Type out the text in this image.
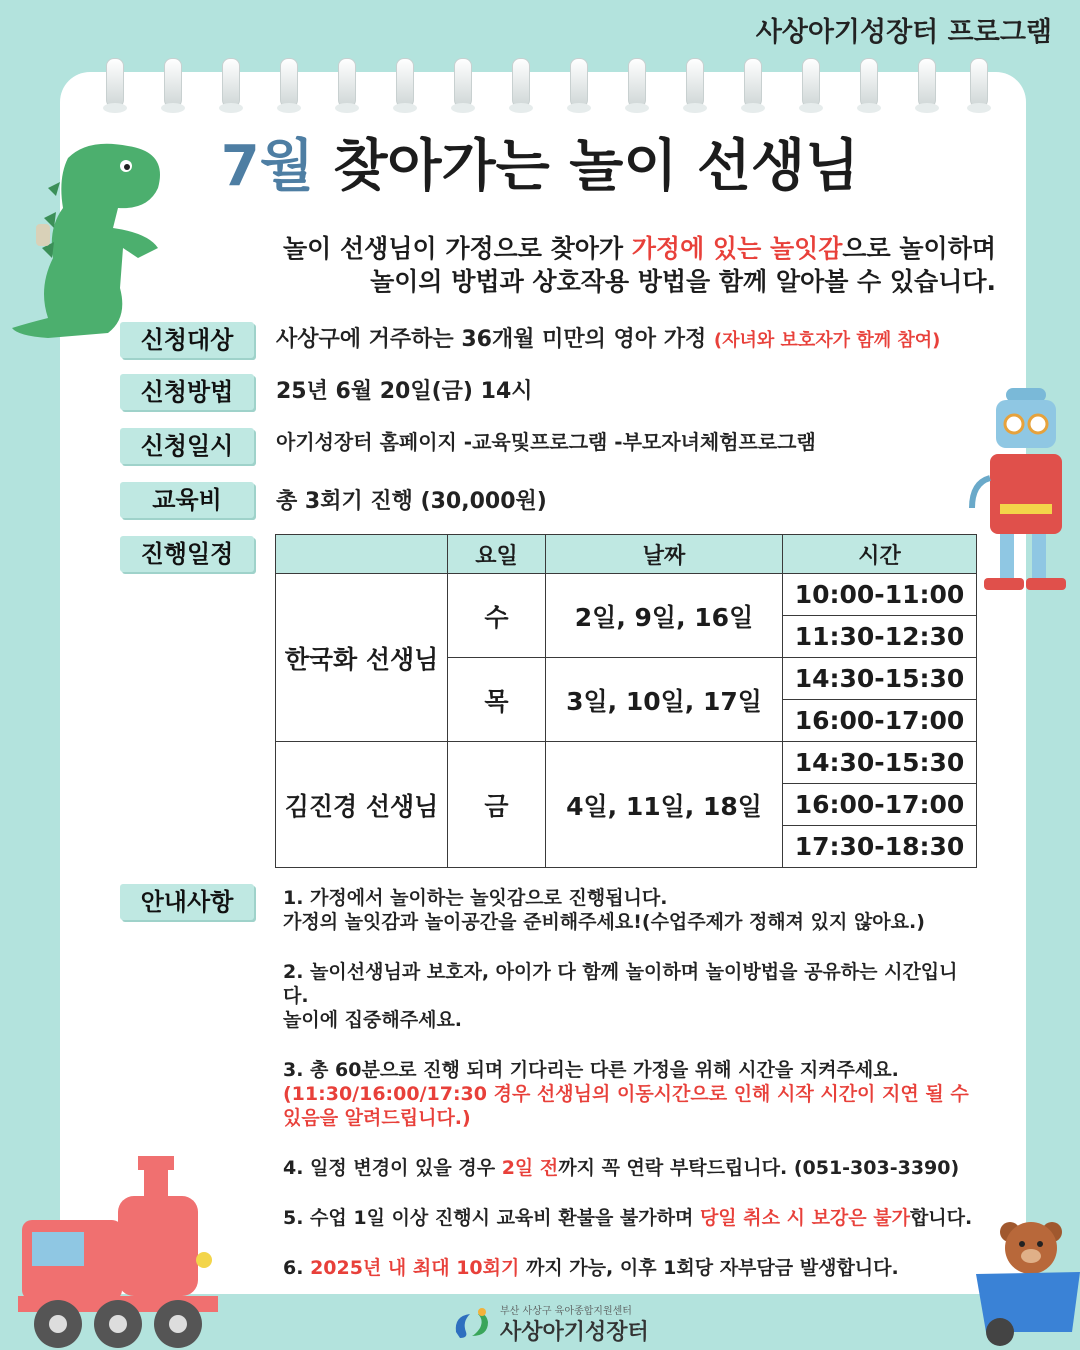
사상아기성장터 프로그램
7월 찾아가는 놀이 선생님
놀이 선생님이 가정으로 찾아가 가정에 있는 놀잇감으로 놀이하며
놀이의 방법과 상호작용 방법을 함께 알아볼 수 있습니다.
신청대상	사상구에 거주하는 36개월 미만의 영아 가정 (자녀와 보호자가 함께 참여)
신청방법	25년 6월 20일(금) 14시
신청일시	아기성장터 홈페이지 -교육및프로그램 -부모자녀체험프로그램
교육비	총 3회기 진행 (30,000원)
진행일정
		요일	날짜	시간
한국화 선생님	수	2일, 9일, 16일	10:00-11:00
			11:30-12:30
	목	3일, 10일, 17일	14:30-15:30
			16:00-17:00
김진경 선생님	금	4일, 11일, 18일	14:30-15:30
			16:00-17:00
			17:30-18:30
안내사항	1. 가정에서 놀이하는 놀잇감으로 진행됩니다.
가정의 놀잇감과 놀이공간을 준비해주세요!(수업주제가 정해져 있지 않아요.)

2. 놀이선생님과 보호자, 아이가 다 함께 놀이하며 놀이방법을 공유하는 시간입니다.
놀이에 집중해주세요.

3. 총 60분으로 진행 되며 기다리는 다른 가정을 위해 시간을 지켜주세요.
(11:30/16:00/17:30 경우 선생님의 이동시간으로 인해 시작 시간이 지연 될 수 있음을 알려드립니다.)

4. 일정 변경이 있을 경우 2일 전까지 꼭 연락 부탁드립니다. (051-303-3390)

5. 수업 1일 이상 진행시 교육비 환불을 불가하며 당일 취소 시 보강은 불가합니다.

6. 2025년 내 최대 10회기 까지 가능, 이후 1회당 자부담금 발생합니다.

부산 사상구 육아종합지원센터
사상아기성장터
